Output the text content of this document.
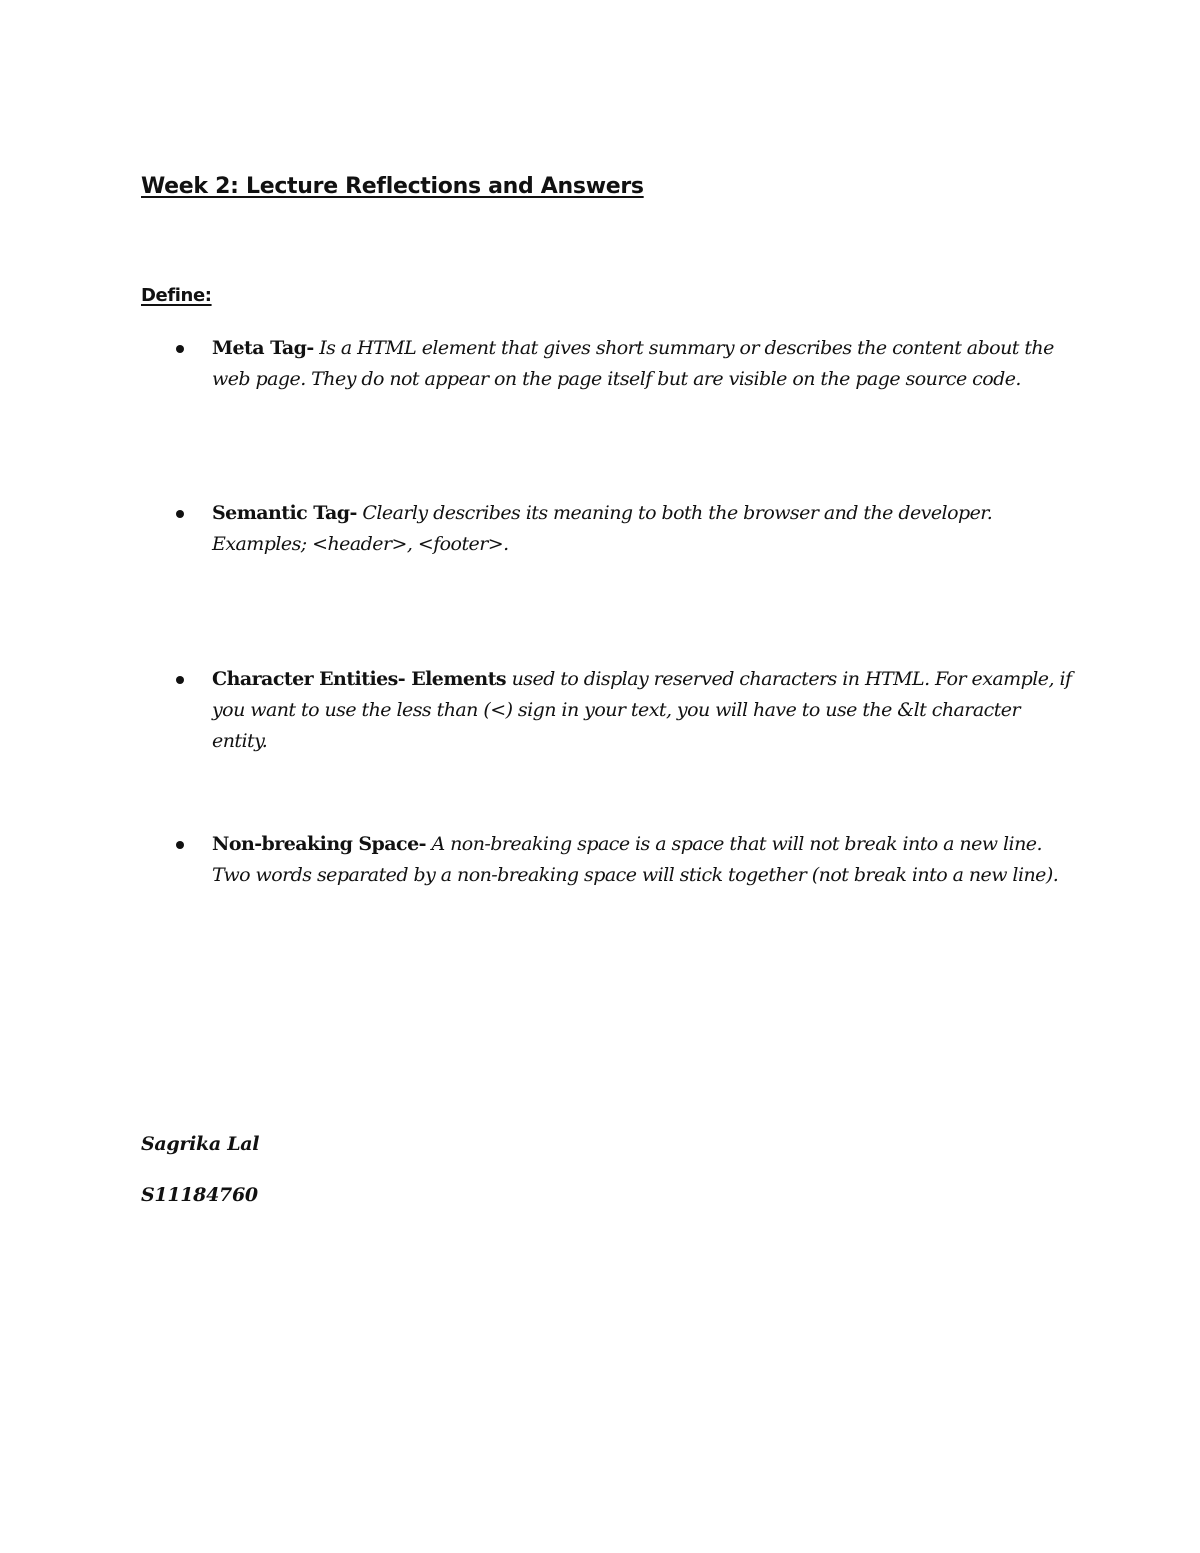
Week 2: Lecture Reflections and Answers
Define:

Meta Tag- Is a HTML element that gives short summary or describes the content about the web page. They do not appear on the page itself but are visible on the page source code.

Semantic Tag- Clearly describes its meaning to both the browser and the developer. Examples; <header>, <footer>.

Character Entities- Elements used to display reserved characters in HTML. For example, if you want to use the less than (<) sign in your text, you will have to use the &lt character entity.

Non-breaking Space- A non-breaking space is a space that will not break into a new line. Two words separated by a non-breaking space will stick together (not break into a new line).

Sagrika Lal

S11184760
